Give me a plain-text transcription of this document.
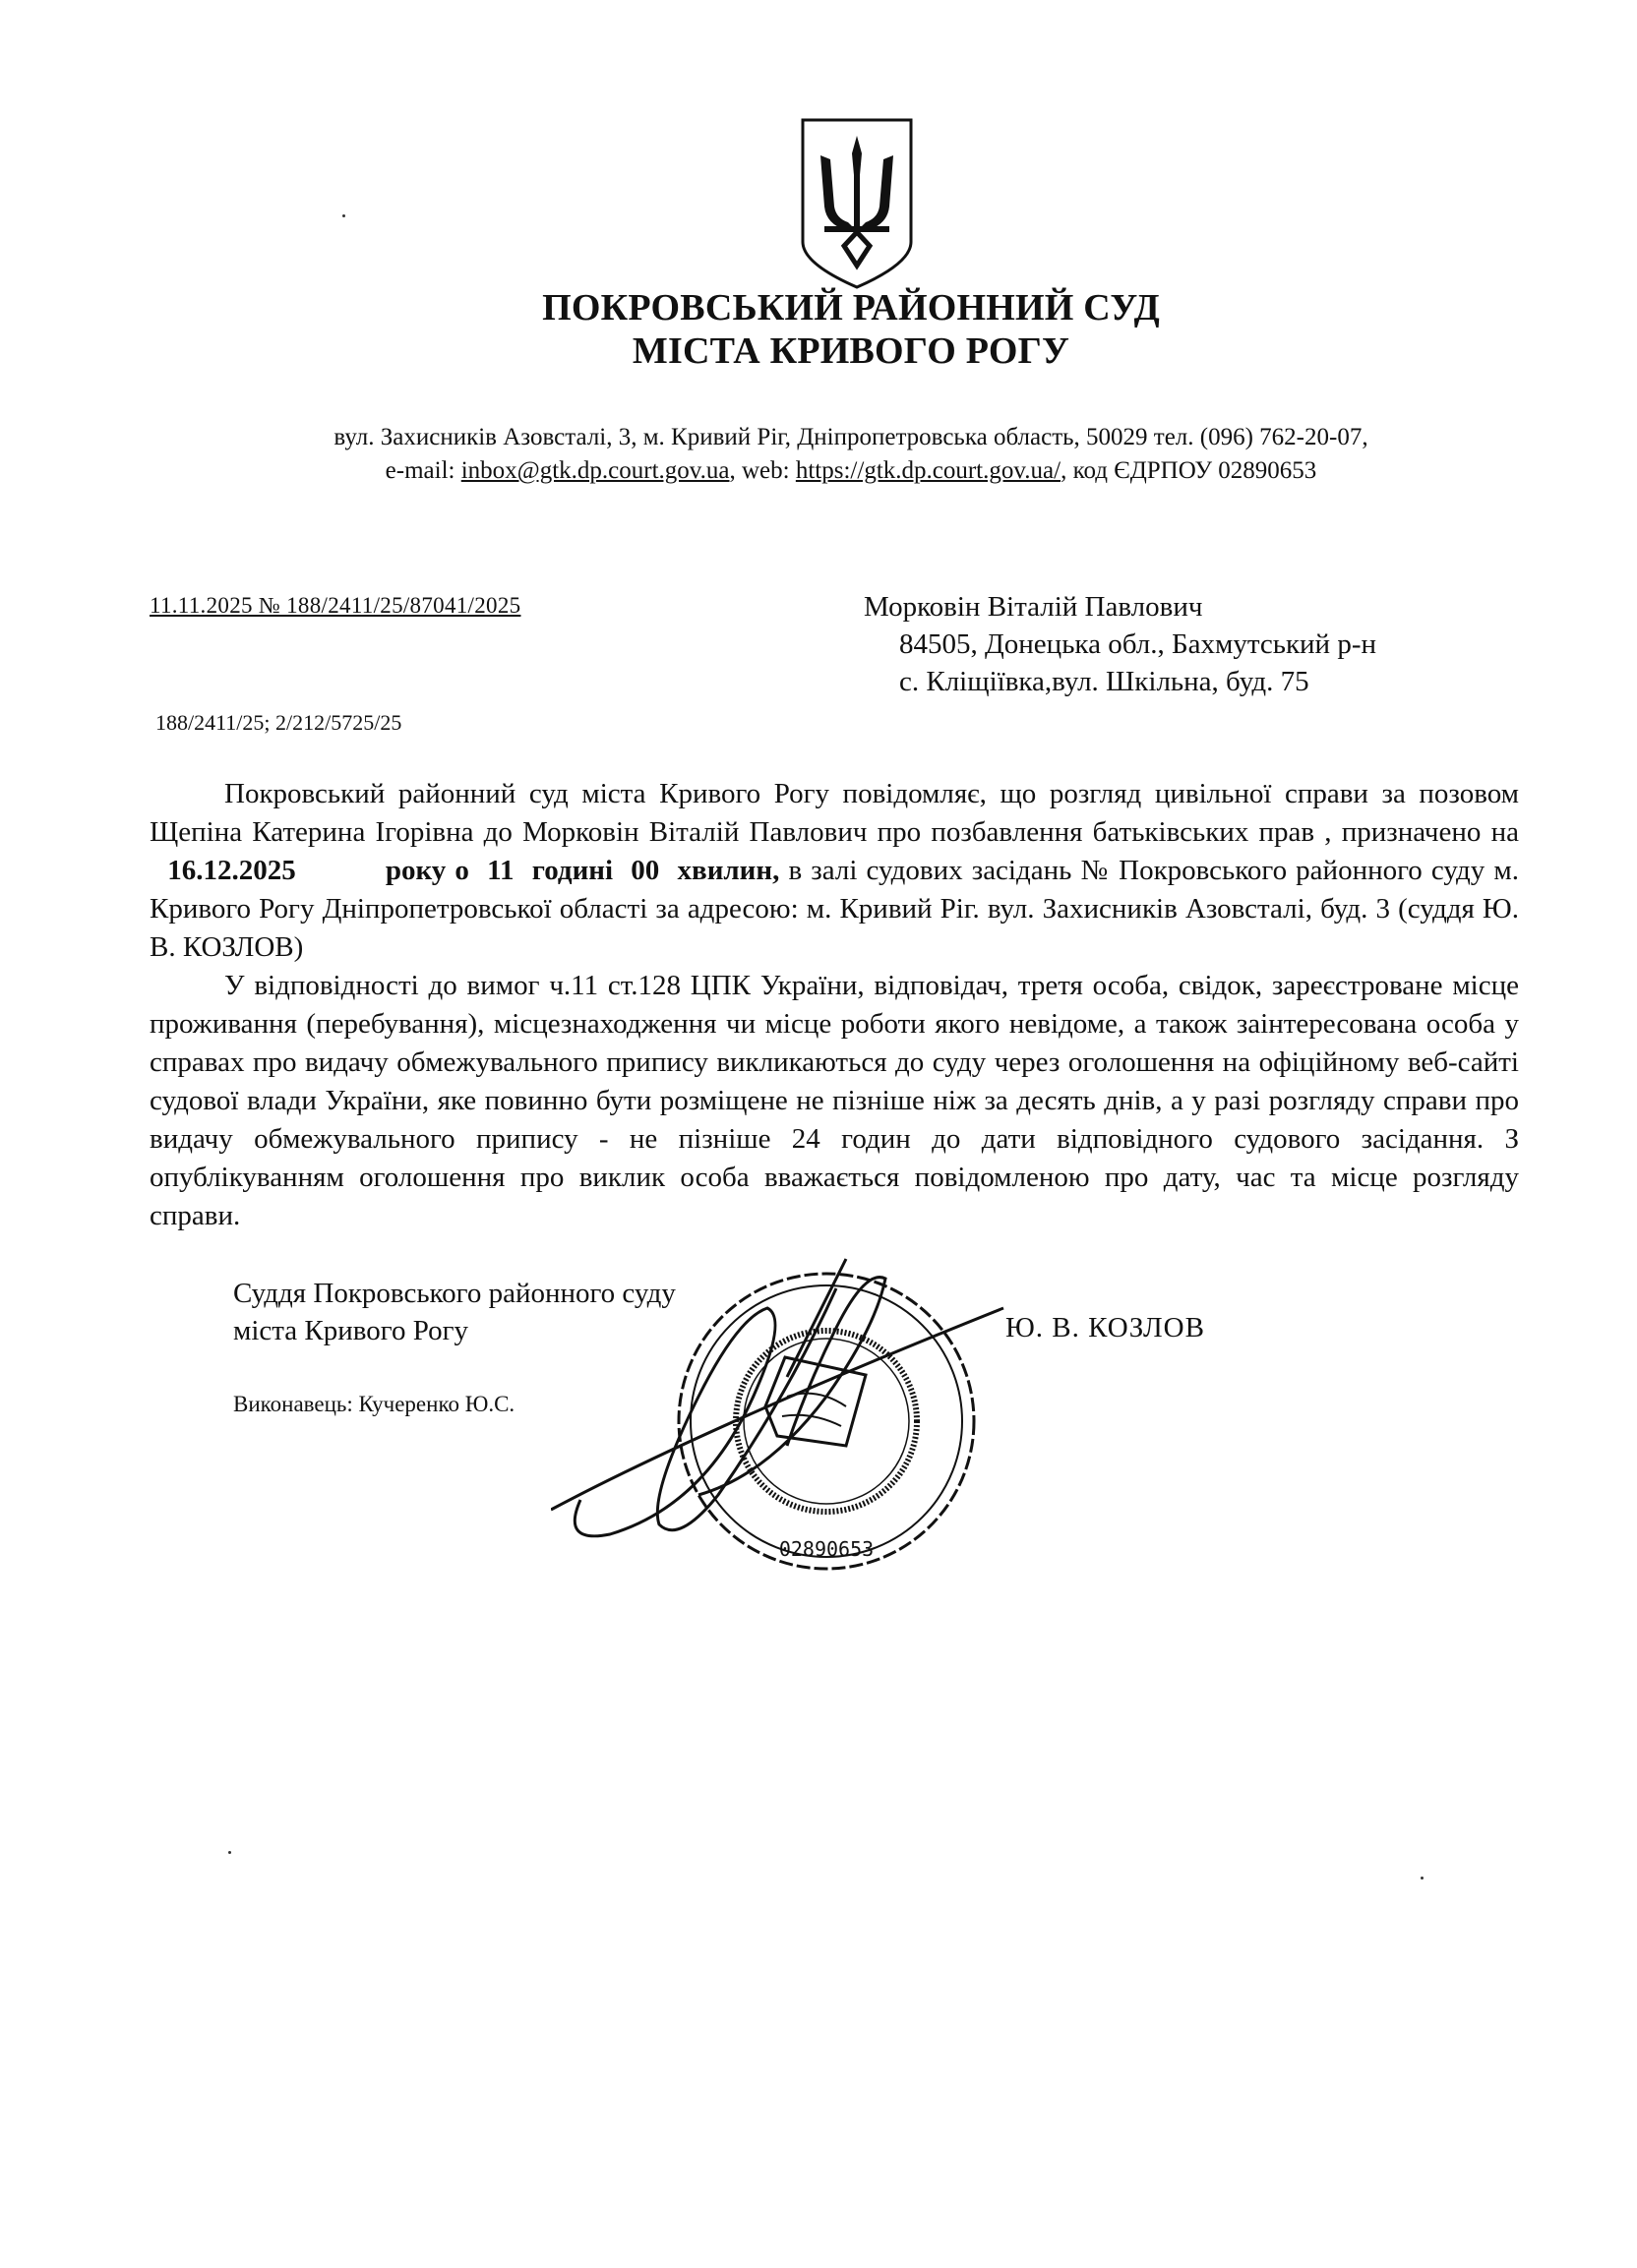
ПОКРОВСЬКИЙ РАЙОННИЙ СУД
МІСТА КРИВОГО РОГУ
вул. Захисників Азовсталі, 3, м. Кривий Ріг, Дніпропетровська область, 50029 тел. (096) 762-20-07,
e-mail: inbox@gtk.dp.court.gov.ua, web: https://gtk.dp.court.gov.ua/, код ЄДРПОУ 02890653
11.11.2025 № 188/2411/25/87041/2025	Морковін Віталій Павлович
84505, Донецька обл., Бахмутський р-н
с. Кліщіївка,вул. Шкільна, буд. 75
188/2411/25; 2/212/5725/25

Покровський районний суд міста Кривого Рогу повідомляє, що розгляд цивільної справи за позовом Щепіна Катерина Ігорівна до Морковін Віталій Павлович про позбавлення батьківських прав , призначено на   16.12.2025	року о  11 годині 00 хвилин, в залі судових засідань № Покровського районного суду м. Кривого Рогу Дніпропетровської області за адресою: м. Кривий Ріг. вул. Захисників Азовсталі, буд. 3 (суддя Ю. В. КОЗЛОВ)

У відповідності до вимог ч.11 ст.128 ЦПК України, відповідач, третя особа, свідок, зареєстроване місце проживання (перебування), місцезнаходження чи місце роботи якого невідоме, а також заінтересована особа у справах про видачу обмежувального припису викликаються до суду через оголошення на офіційному веб-сайті судової влади України, яке повинно бути розміщене не пізніше ніж за десять днів, а у разі розгляду справи про видачу обмежувального припису - не пізніше 24 годин до дати відповідного судового засідання. З опублікуванням оголошення про виклик особа вважається повідомленою про дату, час та місце розгляду справи.

Суддя Покровського районного суду
міста Кривого Рогу	Ю. В. КОЗЛОВ
Виконавець: Кучеренко Ю.С.
02890653
